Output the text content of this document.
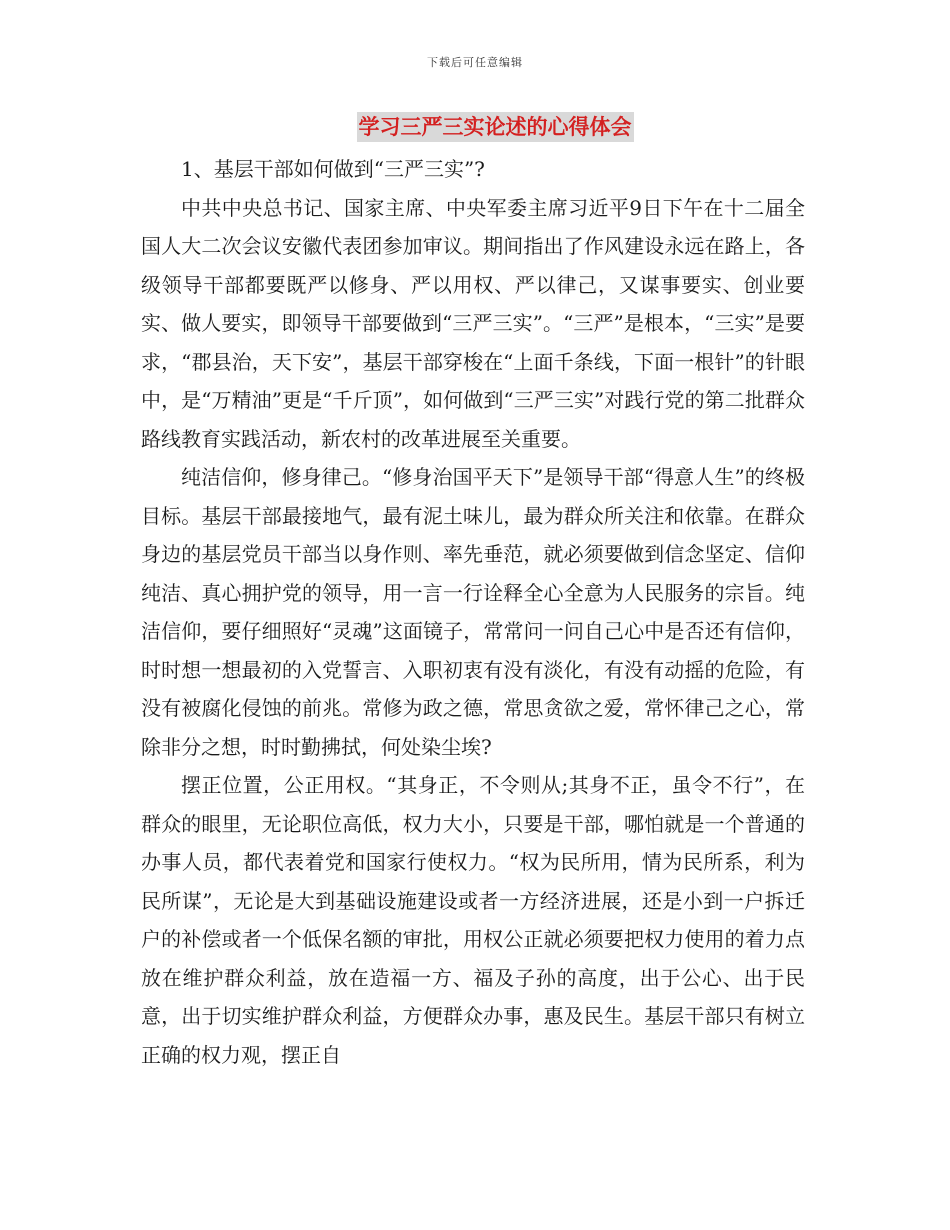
下载后可任意编辑
学习三严三实论述的心得体会

1、基层干部如何做到“三严三实”?

中共中央总书记、国家主席、中央军委主席习近平9日下午在十二届全国人大二次会议安徽代表团参加审议。期间指出了作风建设永远在路上，各级领导干部都要既严以修身、严以用权、严以律己，又谋事要实、创业要实、做人要实，即领导干部要做到“三严三实”。“三严”是根本，“三实”是要求，“郡县治，天下安”，基层干部穿梭在“上面千条线，下面一根针”的针眼中，是“万精油”更是“千斤顶”，如何做到“三严三实”对践行党的第二批群众路线教育实践活动，新农村的改革进展至关重要。

纯洁信仰，修身律己。“修身治国平天下”是领导干部“得意人生”的终极目标。基层干部最接地气，最有泥土味儿，最为群众所关注和依靠。在群众身边的基层党员干部当以身作则、率先垂范，就必须要做到信念坚定、信仰纯洁、真心拥护党的领导，用一言一行诠释全心全意为人民服务的宗旨。纯洁信仰，要仔细照好“灵魂”这面镜子，常常问一问自己心中是否还有信仰，时时想一想最初的入党誓言、入职初衷有没有淡化，有没有动摇的危险，有没有被腐化侵蚀的前兆。常修为政之德，常思贪欲之爱，常怀律己之心，常除非分之想，时时勤拂拭，何处染尘埃?

摆正位置，公正用权。“其身正，不令则从;其身不正，虽令不行”，在群众的眼里，无论职位高低，权力大小，只要是干部，哪怕就是一个普通的办事人员，都代表着党和国家行使权力。“权为民所用，情为民所系，利为民所谋”，无论是大到基础设施建设或者一方经济进展，还是小到一户拆迁户的补偿或者一个低保名额的审批，用权公正就必须要把权力使用的着力点放在维护群众利益，放在造福一方、福及子孙的高度，出于公心、出于民意，出于切实维护群众利益，方便群众办事，惠及民生。基层干部只有树立正确的权力观，摆正自
